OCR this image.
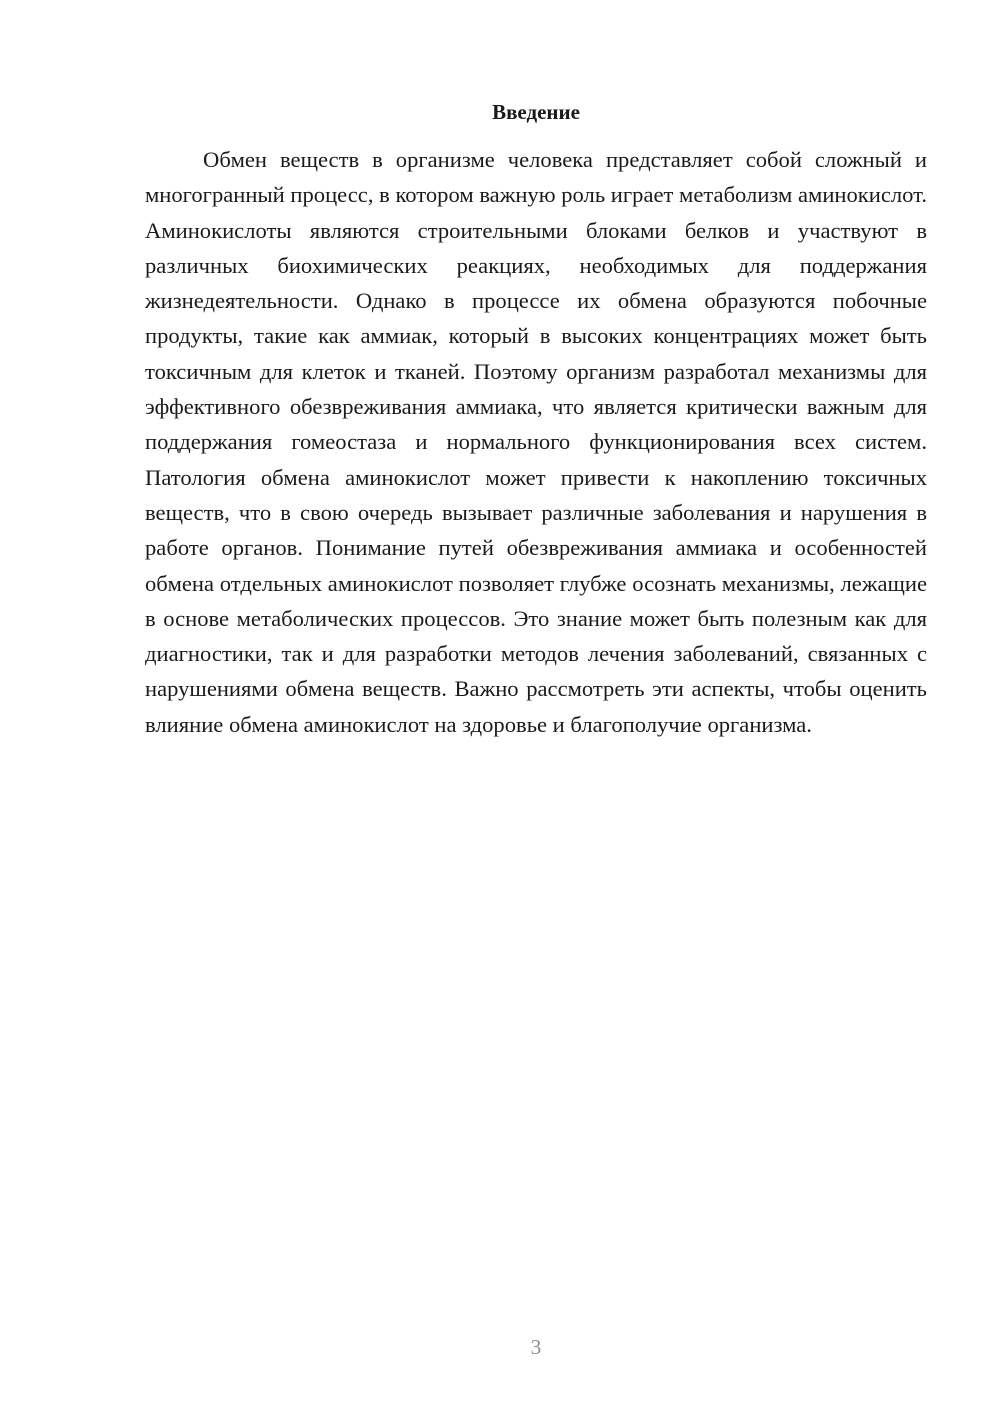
Введение

Обмен веществ в организме человека представляет собой сложный и многогранный процесс, в котором важную роль играет метаболизм аминокислот. Аминокислоты являются строительными блоками белков и участвуют в различных биохимических реакциях, необходимых для поддержания жизнедеятельности. Однако в процессе их обмена образуются побочные продукты, такие как аммиак, который в высоких концентрациях может быть токсичным для клеток и тканей. Поэтому организм разработал механизмы для эффективного обезвреживания аммиака, что является критически важным для поддержания гомеостаза и нормального функционирования всех систем. Патология обмена аминокислот может привести к накоплению токсичных веществ, что в свою очередь вызывает различные заболевания и нарушения в работе органов. Понимание путей обезвреживания аммиака и особенностей обмена отдельных аминокислот позволяет глубже осознать механизмы, лежащие в основе метаболических процессов. Это знание может быть полезным как для диагностики, так и для разработки методов лечения заболеваний, связанных с нарушениями обмена веществ. Важно рассмотреть эти аспекты, чтобы оценить влияние обмена аминокислот на здоровье и благополучие организма.

3
